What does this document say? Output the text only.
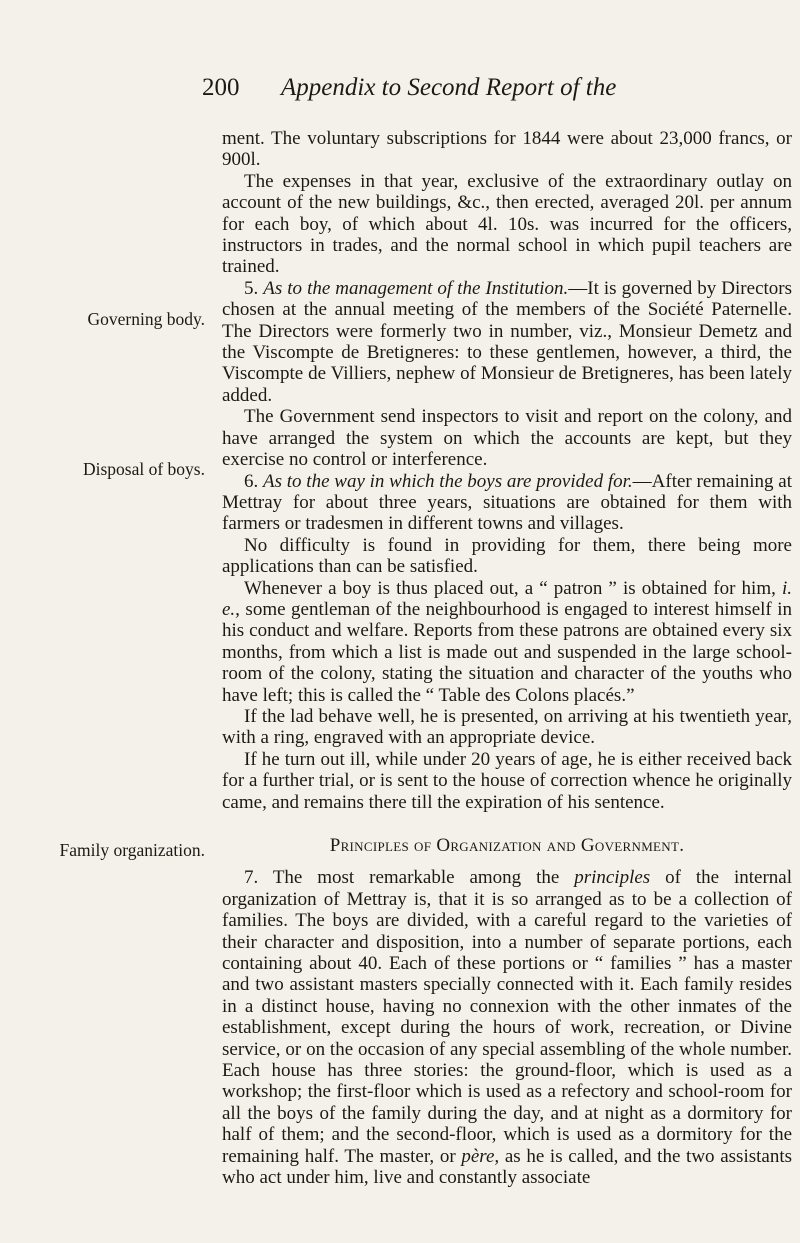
200 Appendix to Second Report of the
Governing body.
Disposal of boys.
Family organization.

ment. The voluntary subscriptions for 1844 were about 23,000 francs, or 900l.

The expenses in that year, exclusive of the extraordinary outlay on account of the new buildings, &c., then erected, averaged 20l. per annum for each boy, of which about 4l. 10s. was incurred for the officers, instructors in trades, and the normal school in which pupil teachers are trained.

5. As to the management of the Institution.—It is governed by Directors chosen at the annual meeting of the members of the Société Paternelle. The Directors were formerly two in number, viz., Monsieur Demetz and the Viscompte de Bretigneres: to these gentlemen, however, a third, the Viscompte de Villiers, nephew of Monsieur de Bretigneres, has been lately added.

The Government send inspectors to visit and report on the colony, and have arranged the system on which the accounts are kept, but they exercise no control or interference.

6. As to the way in which the boys are provided for.—After remaining at Mettray for about three years, situations are obtained for them with farmers or tradesmen in different towns and villages.

No difficulty is found in providing for them, there being more applications than can be satisfied.

Whenever a boy is thus placed out, a “ patron ” is obtained for him, i. e., some gentleman of the neighbourhood is engaged to interest himself in his conduct and welfare. Reports from these patrons are obtained every six months, from which a list is made out and suspended in the large school-room of the colony, stating the situation and character of the youths who have left; this is called the “ Table des Colons placés.”

If the lad behave well, he is presented, on arriving at his twentieth year, with a ring, engraved with an appropriate device.

If he turn out ill, while under 20 years of age, he is either received back for a further trial, or is sent to the house of correction whence he originally came, and remains there till the expiration of his sentence.

Principles of Organization and Government.

7. The most remarkable among the principles of the internal organization of Mettray is, that it is so arranged as to be a collection of families. The boys are divided, with a careful regard to the varieties of their character and disposition, into a number of separate portions, each containing about 40. Each of these portions or “ families ” has a master and two assistant masters specially connected with it. Each family resides in a distinct house, having no connexion with the other inmates of the establishment, except during the hours of work, recreation, or Divine service, or on the occasion of any special assembling of the whole number. Each house has three stories: the ground-floor, which is used as a workshop; the first-floor which is used as a refectory and school-room for all the boys of the family during the day, and at night as a dormitory for half of them; and the second-floor, which is used as a dormitory for the remaining half. The master, or père, as he is called, and the two assistants who act under him, live and constantly associate
